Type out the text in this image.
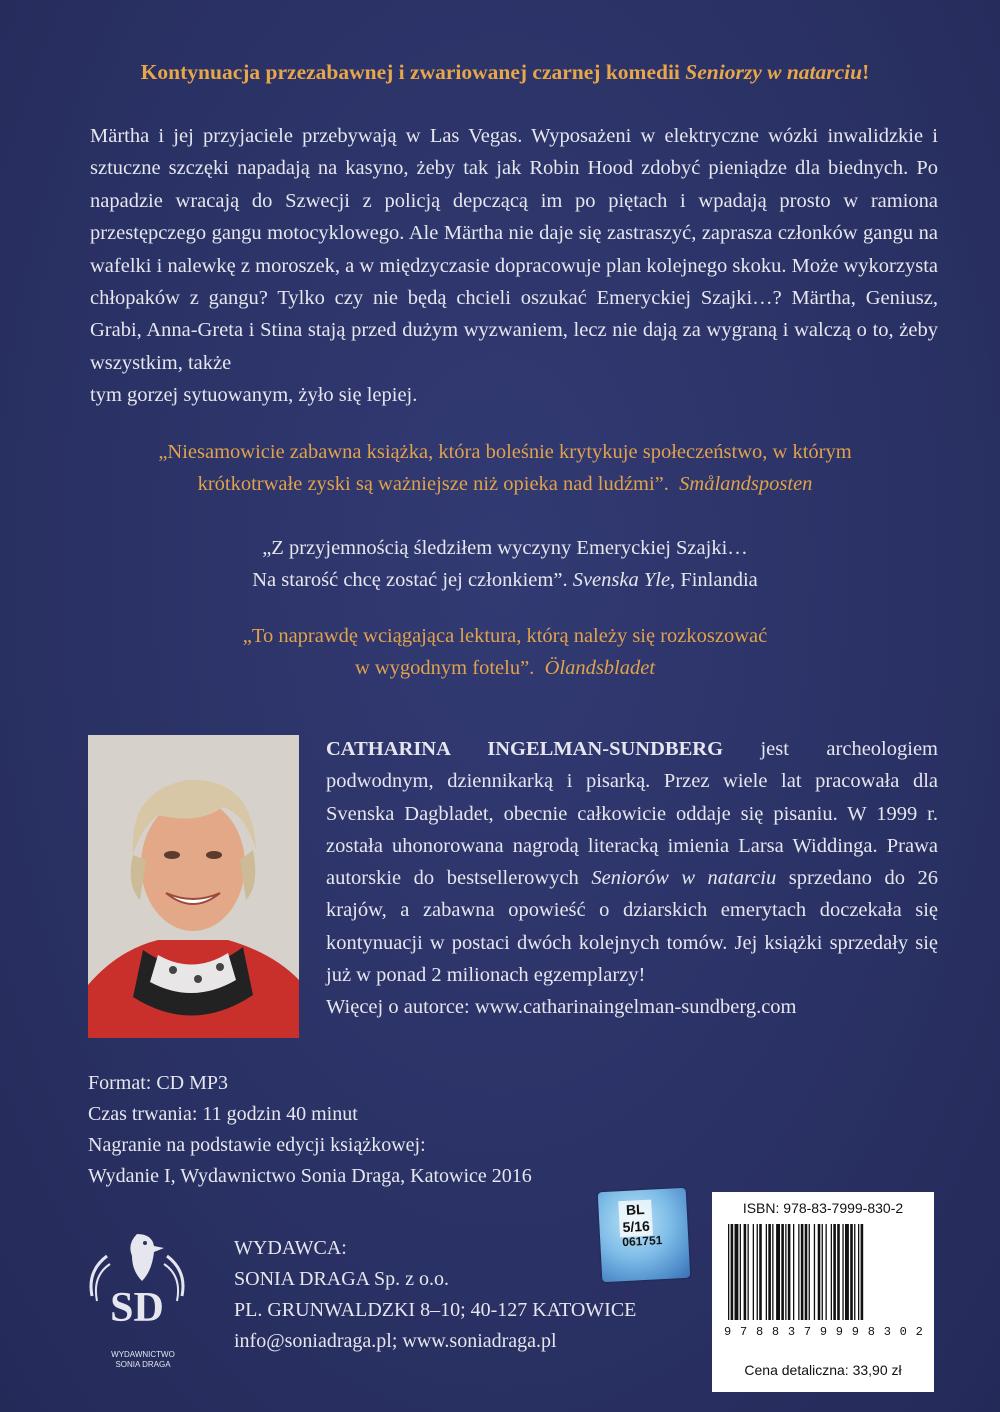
Kontynuacja przezabawnej i zwariowanej czarnej komedii Seniorzy w natarciu!
Märtha i jej przyjaciele przebywają w Las Vegas. Wyposażeni w elektryczne wózki inwalidzkie i sztuczne szczęki napadają na kasyno, żeby tak jak Robin Hood zdobyć pieniądze dla biednych. Po napadzie wracają do Szwecji z policją depczącą im po piętach i wpadają prosto w ramiona przestępczego gangu motocyklowego. Ale Märtha nie daje się zastraszyć, zaprasza członków gangu na wafelki i nalewkę z moroszek, a w międzyczasie dopracowuje plan kolejnego skoku. Może wykorzysta chłopaków z gangu? Tylko czy nie będą chcieli oszukać Emeryckiej Szajki…? Märtha, Geniusz, Grabi, Anna-Greta i Stina stają przed dużym wyzwaniem, lecz nie dają za wygraną i walczą o to, żeby wszystkim, także
tym gorzej sytuowanym, żyło się lepiej.
„Niesamowicie zabawna książka, która boleśnie krytykuje społeczeństwo, w którym
krótkotrwałe zyski są ważniejsze niż opieka nad ludźmi”. Smålandsposten
„Z przyjemnością śledziłem wyczyny Emeryckiej Szajki…
Na starość chcę zostać jej członkiem”. Svenska Yle, Finlandia
„To naprawdę wciągająca lektura, którą należy się rozkoszować
w wygodnym fotelu”. Ölandsbladet
CATHARINA INGELMAN-SUNDBERG jest archeologiem podwodnym, dziennikarką i pisarką. Przez wiele lat pracowała dla Svenska Dagbladet, obecnie całkowicie oddaje się pisaniu. W 1999 r. została uhonorowana nagrodą literacką imienia Larsa Widdinga. Prawa autorskie do bestsellerowych Seniorów w natarciu sprzedano do 26 krajów, a zabawna opowieść o dziarskich emerytach doczekała się kontynuacji w postaci dwóch kolejnych tomów. Jej książki sprzedały się już w ponad 2 milionach egzemplarzy!
Więcej o autorce: www.catharinaingelman-sundberg.com
Format: CD MP3
Czas trwania: 11 godzin 40 minut
Nagranie na podstawie edycji książkowej:
Wydanie I, Wydawnictwo Sonia Draga, Katowice 2016
BL
5/16
061751
ISBN: 978-83-7999-830-2
9 7 8 8 3 7 9 9 9 8 3 0 2
Cena detaliczna: 33,90 zł
SD
WYDAWNICTWO
SONIA DRAGA
WYDAWCA:
SONIA DRAGA Sp. z o.o.
PL. GRUNWALDZKI 8–10; 40-127 KATOWICE
info@soniadraga.pl; www.soniadraga.pl
